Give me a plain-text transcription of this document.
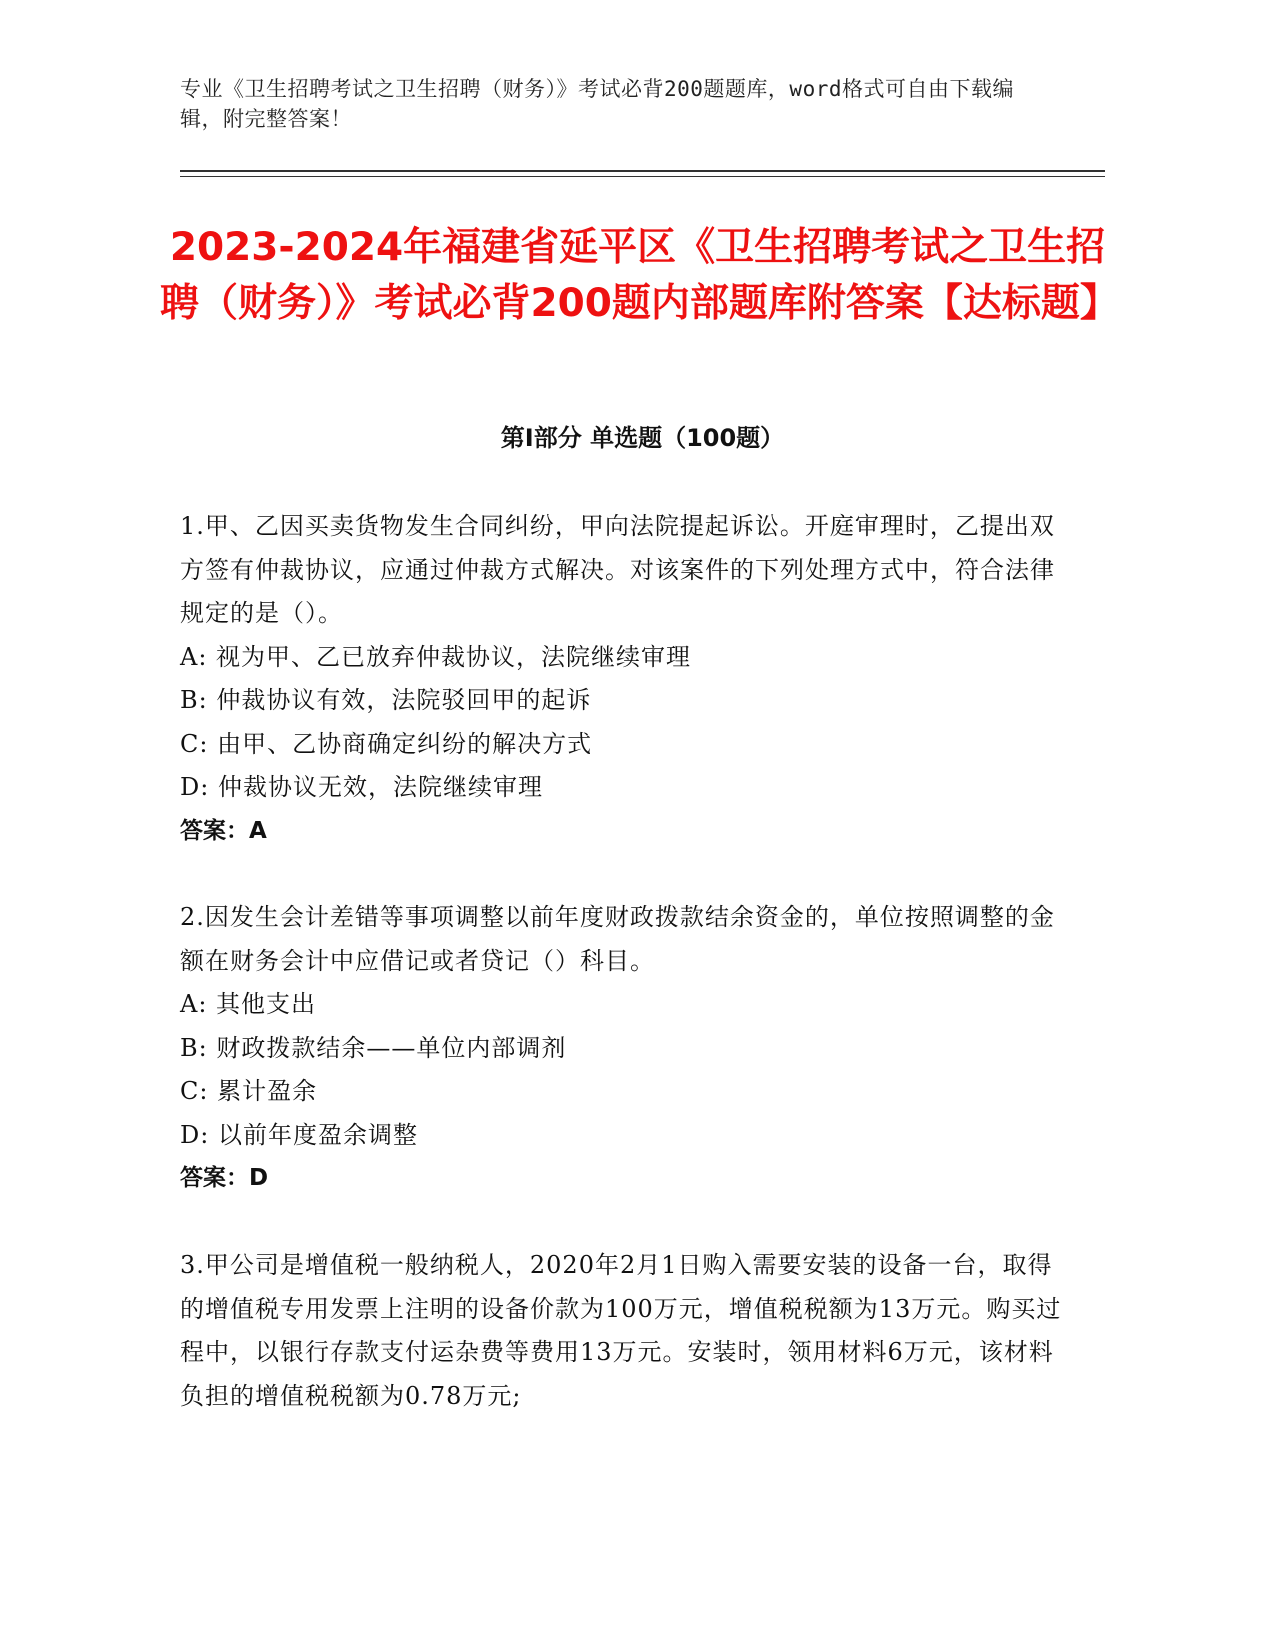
专业《卫生招聘考试之卫生招聘（财务）》考试必背200题题库，word格式可自由下载编辑，附完整答案！
2023-2024年福建省延平区《卫生招聘考试之卫生招聘（财务）》考试必背200题内部题库附答案【达标题】
第I部分 单选题（100题）
1.甲、乙因买卖货物发生合同纠纷，甲向法院提起诉讼。开庭审理时，乙提出双方签有仲裁协议，应通过仲裁方式解决。对该案件的下列处理方式中，符合法律规定的是（）。
A: 视为甲、乙已放弃仲裁协议，法院继续审理
B: 仲裁协议有效，法院驳回甲的起诉
C: 由甲、乙协商确定纠纷的解决方式
D: 仲裁协议无效，法院继续审理
答案：A
2.因发生会计差错等事项调整以前年度财政拨款结余资金的，单位按照调整的金额在财务会计中应借记或者贷记（）科目。
A: 其他支出
B: 财政拨款结余——单位内部调剂
C: 累计盈余
D: 以前年度盈余调整
答案：D
3.甲公司是增值税一般纳税人，2020年2月1日购入需要安装的设备一台，取得的增值税专用发票上注明的设备价款为100万元，增值税税额为13万元。购买过程中，以银行存款支付运杂费等费用13万元。安装时，领用材料6万元，该材料负担的增值税税额为0.78万元;
